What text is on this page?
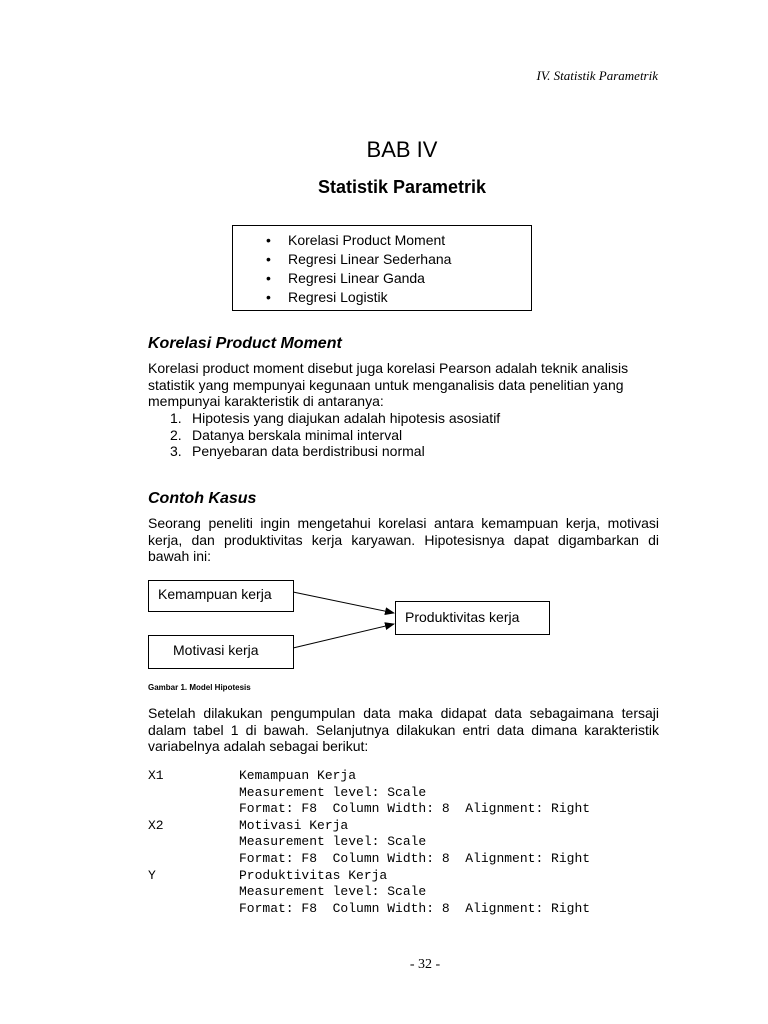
IV. Statistik Parametrik
BAB IV
Statistik Parametrik
• Korelasi Product Moment
• Regresi Linear Sederhana
• Regresi Linear Ganda
• Regresi Logistik
Korelasi Product Moment

Korelasi product moment disebut juga korelasi Pearson adalah teknik analisis statistik yang mempunyai kegunaan untuk menganalisis data penelitian yang mempunyai karakteristik di antaranya:

1. Hipotesis yang diajukan adalah hipotesis asosiatif
2. Datanya berskala minimal interval
3. Penyebaran data berdistribusi normal
Contoh Kasus

Seorang peneliti ingin mengetahui korelasi antara kemampuan kerja, motivasi kerja, dan produktivitas kerja karyawan. Hipotesisnya dapat digambarkan di bawah ini:

Kemampuan kerja
Motivasi kerja
Produktivitas kerja
Gambar 1. Model Hipotesis

Setelah dilakukan pengumpulan data maka didapat data sebagaimana tersaji dalam tabel 1 di bawah. Selanjutnya dilakukan entri data dimana karakteristik variabelnya adalah sebagai berikut:

X1	Kemampuan Kerja
Measurement level: Scale
Format: F8  Column Width: 8  Alignment: Right
X2	Motivasi Kerja
Measurement level: Scale
Format: F8  Column Width: 8  Alignment: Right
Y	Produktivitas Kerja
Measurement level: Scale
Format: F8  Column Width: 8  Alignment: Right
- 32 -
